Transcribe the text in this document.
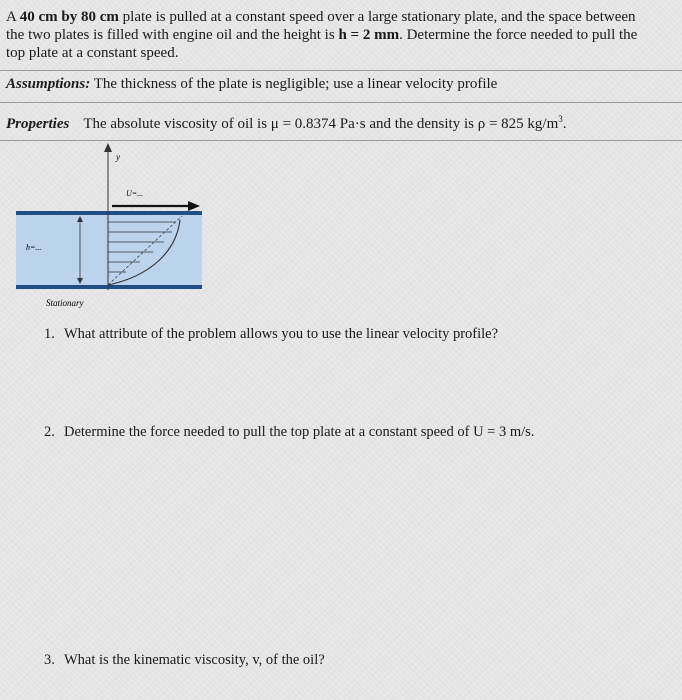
A 40 cm by 80 cm plate is pulled at a constant speed over a large stationary plate, and the space between the two plates is filled with engine oil and the height is h = 2 mm. Determine the force needed to pull the top plate at a constant speed.
Assumptions: The thickness of the plate is negligible; use a linear velocity profile
Properties The absolute viscosity of oil is μ = 0.8374 Pa·s and the density is ρ = 825 $kg/m^3$.
y
U=...
h=...
Stationary
1. What attribute of the problem allows you to use the linear velocity profile?
2. Determine the force needed to pull the top plate at a constant speed of U = 3 m/s.
3. What is the kinematic viscosity, v, of the oil?
